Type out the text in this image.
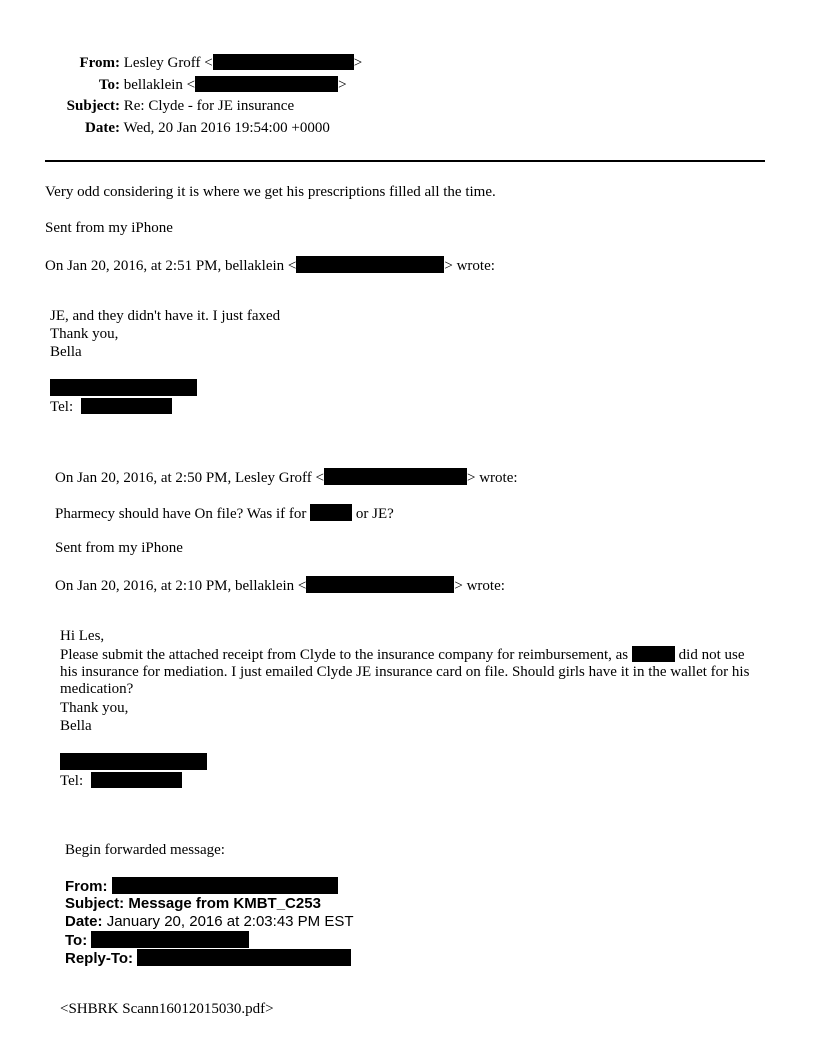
From: Lesley Groff <	>
To: bellaklein <	>
Subject: Re: Clyde - for JE insurance
Date: Wed, 20 Jan 2016 19:54:00 +0000
Very odd considering it is where we get his prescriptions filled all the time.
Sent from my iPhone
On Jan 20, 2016, at 2:51 PM, bellaklein <	> wrote:
JE, and they didn't have it. I just faxed
Thank you,
Bella
Tel:
On Jan 20, 2016, at 2:50 PM, Lesley Groff <	> wrote:
Pharmecy should have On file? Was if for	or JE?
Sent from my iPhone
On Jan 20, 2016, at 2:10 PM, bellaklein <	> wrote:
Hi Les,
Please submit the attached receipt from Clyde to the insurance company for reimbursement, as	did not use his insurance for mediation. I just emailed Clyde JE insurance card on file. Should girls have it in the wallet for his medication?
Thank you,
Bella
Tel:
Begin forwarded message:
From:
Subject: Message from KMBT_C253
Date: January 20, 2016 at 2:03:43 PM EST
To:
Reply-To:
<SHBRK Scann16012015030.pdf>
